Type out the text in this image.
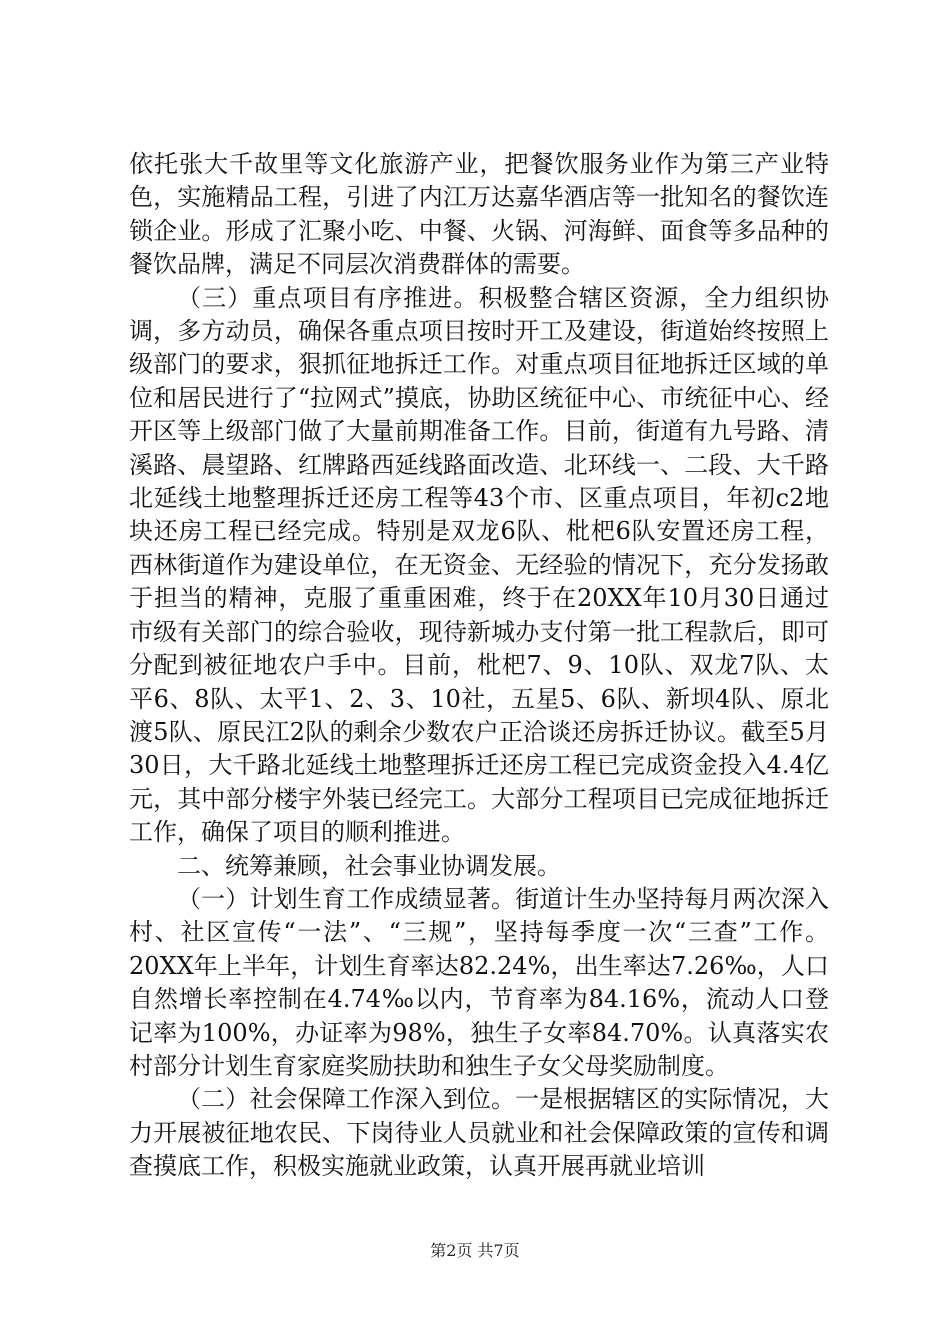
依托张大千故里等文化旅游产业，把餐饮服务业作为第三产业特色，实施精品工程，引进了内江万达嘉华酒店等一批知名的餐饮连锁企业。形成了汇聚小吃、中餐、火锅、河海鲜、面食等多品种的餐饮品牌，满足不同层次消费群体的需要。

（三）重点项目有序推进。积极整合辖区资源，全力组织协调，多方动员，确保各重点项目按时开工及建设，街道始终按照上级部门的要求，狠抓征地拆迁工作。对重点项目征地拆迁区域的单位和居民进行了“拉网式”摸底，协助区统征中心、市统征中心、经开区等上级部门做了大量前期准备工作。目前，街道有九号路、清溪路、晨望路、红牌路西延线路面改造、北环线一、二段、大千路北延线土地整理拆迁还房工程等43个市、区重点项目，年初c2地块还房工程已经完成。特别是双龙6队、枇杷6队安置还房工程，西林街道作为建设单位，在无资金、无经验的情况下，充分发扬敢于担当的精神，克服了重重困难，终于在20XX年10月30日通过市级有关部门的综合验收，现待新城办支付第一批工程款后，即可分配到被征地农户手中。目前，枇杷7、9、10队、双龙7队、太平6、8队、太平1、2、3、10社，五星5、6队、新坝4队、原北渡5队、原民江2队的剩余少数农户正洽谈还房拆迁协议。截至5月30日，大千路北延线土地整理拆迁还房工程已完成资金投入4.4亿元，其中部分楼宇外装已经完工。大部分工程项目已完成征地拆迁工作，确保了项目的顺利推进。

二、统筹兼顾，社会事业协调发展。

（一）计划生育工作成绩显著。街道计生办坚持每月两次深入村、社区宣传“一法”、“三规”，坚持每季度一次“三查”工作。20XX年上半年，计划生育率达82.24%，出生率达7.26‰，人口自然增长率控制在4.74‰以内，节育率为84.16%，流动人口登记率为100%，办证率为98%，独生子女率84.70%。认真落实农村部分计划生育家庭奖励扶助和独生子女父母奖励制度。

（二）社会保障工作深入到位。一是根据辖区的实际情况，大力开展被征地农民、下岗待业人员就业和社会保障政策的宣传和调查摸底工作，积极实施就业政策，认真开展再就业培训

第2页 共7页
